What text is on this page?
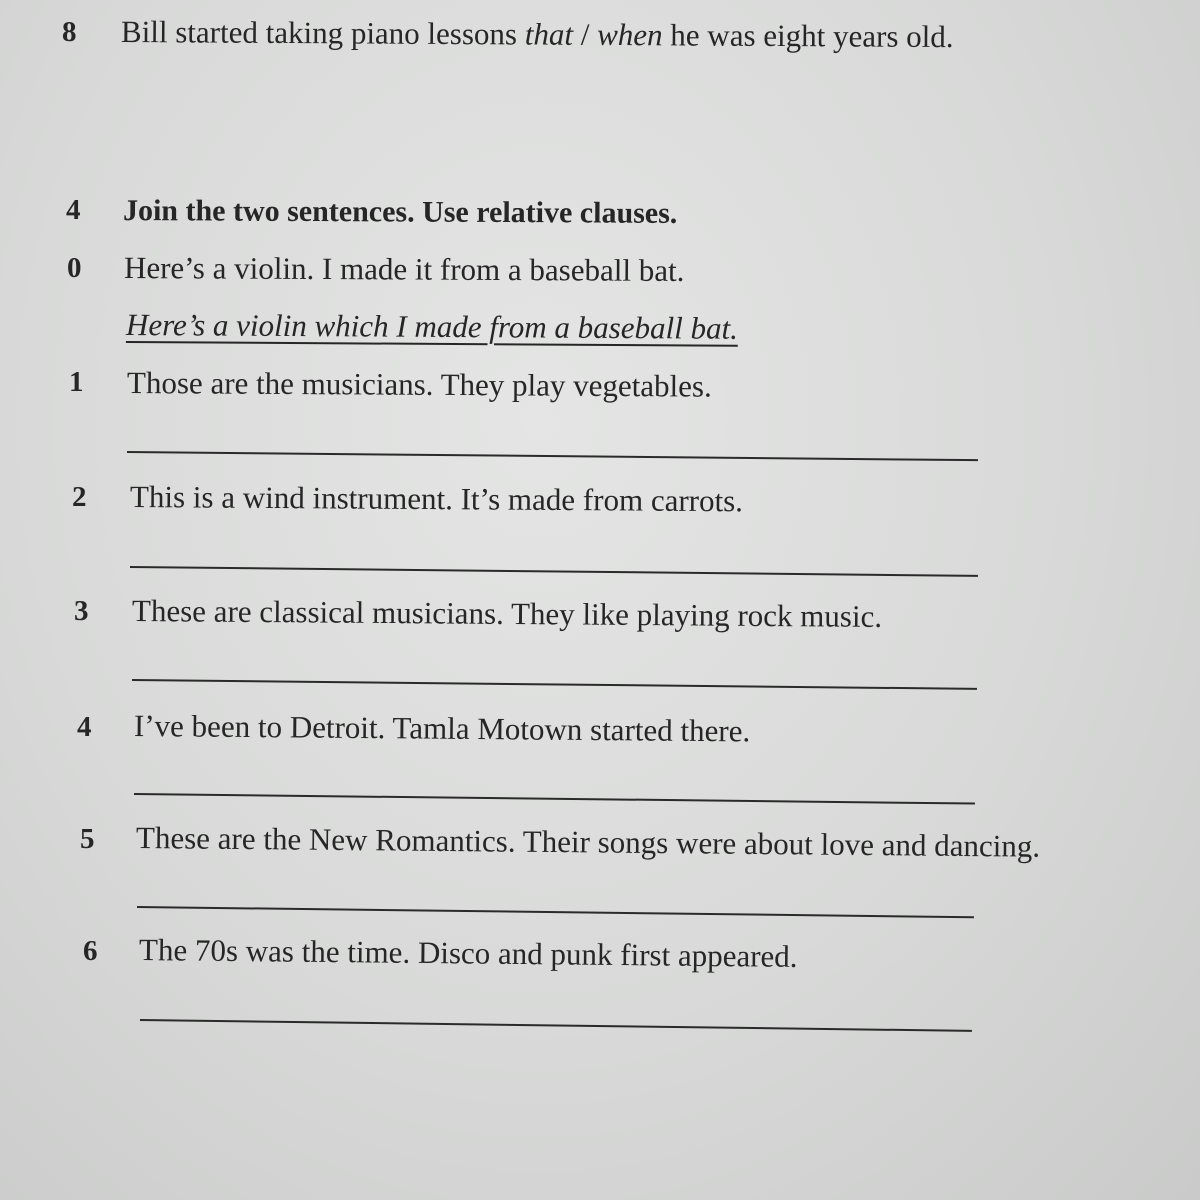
8 Bill started taking piano lessons that / when he was eight years old.
4 Join the two sentences. Use relative clauses.
0 Here’s a violin. I made it from a baseball bat.
Here’s a violin which I made from a baseball bat.
1 Those are the musicians. They play vegetables.
2 This is a wind instrument. It’s made from carrots.
3 These are classical musicians. They like playing rock music.
4 I’ve been to Detroit. Tamla Motown started there.
5 These are the New Romantics. Their songs were about love and dancing.
6 The 70s was the time. Disco and punk first appeared.
